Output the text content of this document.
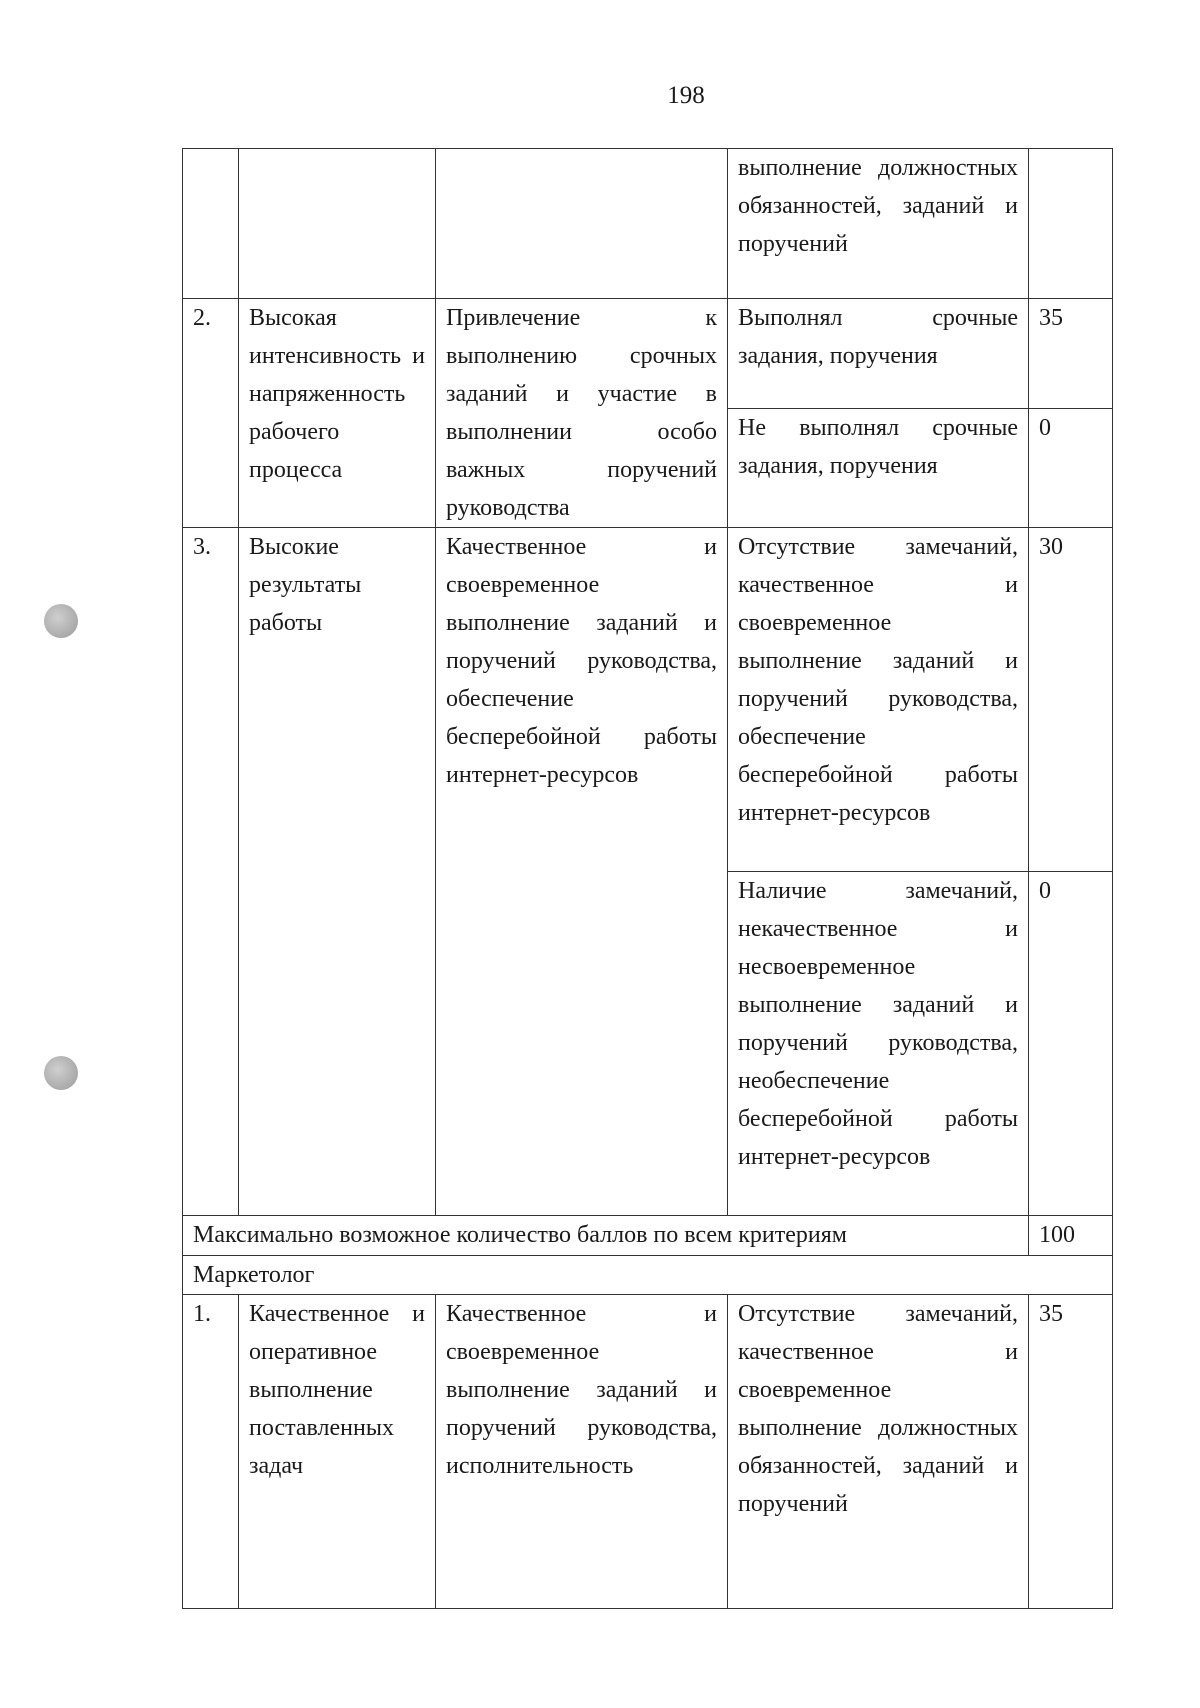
198
			выполнение должностных обязанностей, заданий и поручений	
2.	Высокая интенсивность и напряженность рабочего процесса	Привлечение к выполнению срочных заданий и участие в выполнении особо важных поручений руководства	Выполнял срочные задания, поручения	35
			Не выполнял срочные задания, поручения	0
3.	Высокие результаты работы	Качественное и своевременное выполнение заданий и поручений руководства, обеспечение бесперебойной работы интернет-ресурсов	Отсутствие замечаний, качественное и своевременное выполнение заданий и поручений руководства, обеспечение бесперебойной работы интернет-ресурсов	30
			Наличие замечаний, некачественное и несвоевременное выполнение заданий и поручений руководства, необеспечение бесперебойной работы интернет-ресурсов	0
Максимально возможное количество баллов по всем критериям				100
Маркетолог				
1.	Качественное и оперативное выполнение поставленных задач	Качественное и своевременное выполнение заданий и поручений руководства, исполнительность	Отсутствие замечаний, качественное и своевременное выполнение должностных обязанностей, заданий и поручений	35
